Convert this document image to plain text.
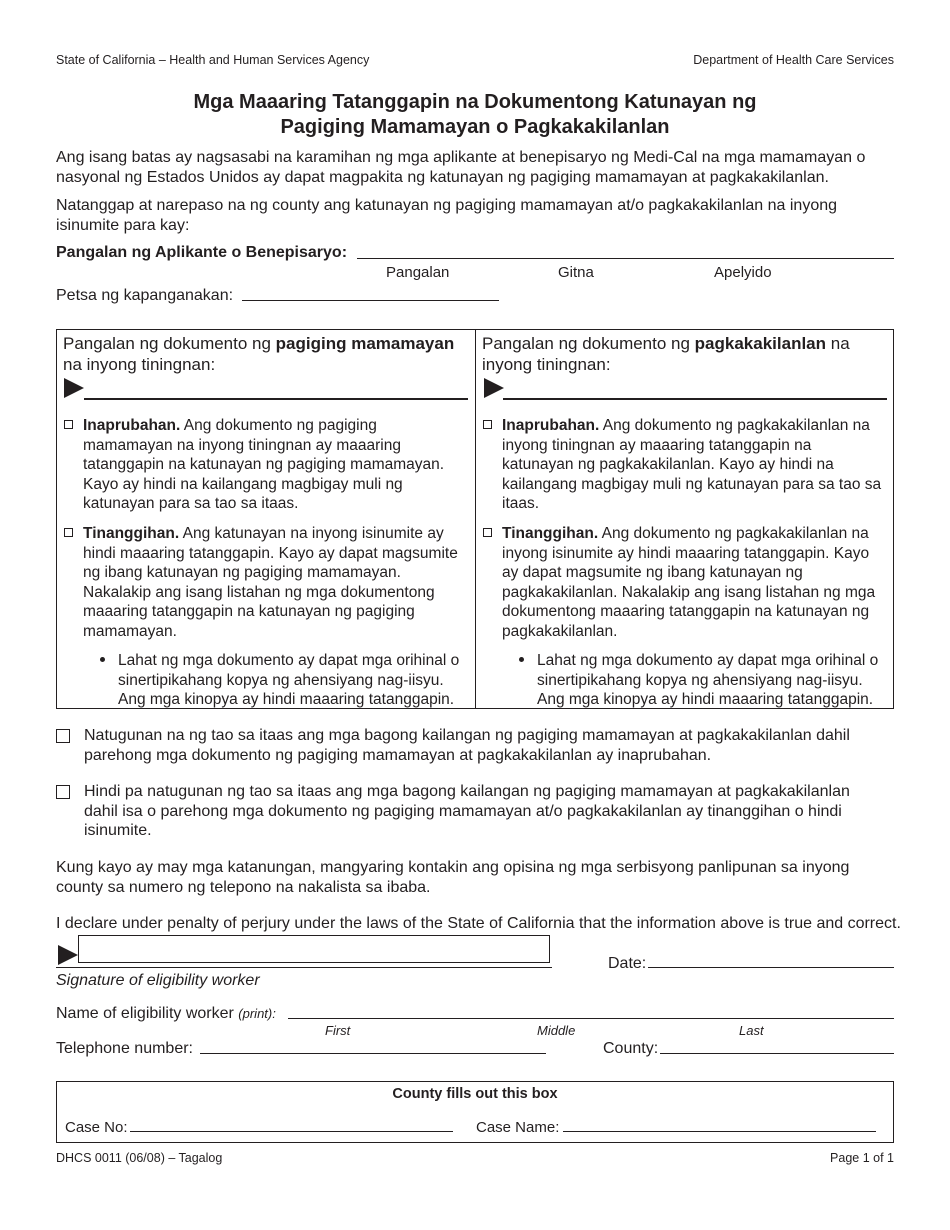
State of California – Health and Human Services Agency	Department of Health Care Services
Mga Maaaring Tatanggapin na Dokumentong Katunayan ng
Pagiging Mamamayan o Pagkakakilanlan
Ang isang batas ay nagsasabi na karamihan ng mga aplikante at benepisaryo ng Medi-Cal na mga mamamayan o nasyonal ng Estados Unidos ay dapat magpakita ng katunayan ng pagiging mamamayan at pagkakakilanlan.
Natanggap at narepaso na ng county ang katunayan ng pagiging mamamayan at/o pagkakakilanlan na inyong isinumite para kay:
Pangalan ng Aplikante o Benepisaryo:
Pangalan	Gitna	Apelyido
Petsa ng kapanganakan:
Pangalan ng dokumento ng pagiging mamamayan na inyong tiningnan:
Inaprubahan. Ang dokumento ng pagiging mamamayan na inyong tiningnan ay maaaring tatanggapin na katunayan ng pagiging mamamayan. Kayo ay hindi na kailangang magbigay muli ng katunayan para sa tao sa itaas.
Tinanggihan. Ang katunayan na inyong isinumite ay hindi maaaring tatanggapin. Kayo ay dapat magsumite ng ibang katunayan ng pagiging mamamayan. Nakalakip ang isang listahan ng mga dokumentong maaaring tatanggapin na katunayan ng pagiging mamamayan.
Lahat ng mga dokumento ay dapat mga orihinal o sinertipikahang kopya ng ahensiyang nag-iisyu. Ang mga kinopya ay hindi maaaring tatanggapin.
Pangalan ng dokumento ng pagkakakilanlan na inyong tiningnan:
Inaprubahan. Ang dokumento ng pagkakakilanlan na inyong tiningnan ay maaaring tatanggapin na katunayan ng pagkakakilanlan. Kayo ay hindi na kailangang magbigay muli ng katunayan para sa tao sa itaas.
Tinanggihan. Ang dokumento ng pagkakakilanlan na inyong isinumite ay hindi maaaring tatanggapin. Kayo ay dapat magsumite ng ibang katunayan ng pagkakakilanlan. Nakalakip ang isang listahan ng mga dokumentong maaaring tatanggapin na katunayan ng pagkakakilanlan.
Lahat ng mga dokumento ay dapat mga orihinal o sinertipikahang kopya ng ahensiyang nag-iisyu. Ang mga kinopya ay hindi maaaring tatanggapin.
Natugunan na ng tao sa itaas ang mga bagong kailangan ng pagiging mamamayan at pagkakakilanlan dahil parehong mga dokumento ng pagiging mamamayan at pagkakakilanlan ay inaprubahan.
Hindi pa natugunan ng tao sa itaas ang mga bagong kailangan ng pagiging mamamayan at pagkakakilanlan dahil isa o parehong mga dokumento ng pagiging mamamayan at/o pagkakakilanlan ay tinanggihan o hindi isinumite.
Kung kayo ay may mga katanungan, mangyaring kontakin ang opisina ng mga serbisyong panlipunan sa inyong county sa numero ng telepono na nakalista sa ibaba.
I declare under penalty of perjury under the laws of the State of California that the information above is true and correct.
Signature of eligibility worker
Date:
Name of eligibility worker (print):
First	Middle	Last
Telephone number:	County:
County fills out this box
Case No:	Case Name:
DHCS 0011 (06/08) – Tagalog	Page 1 of 1
